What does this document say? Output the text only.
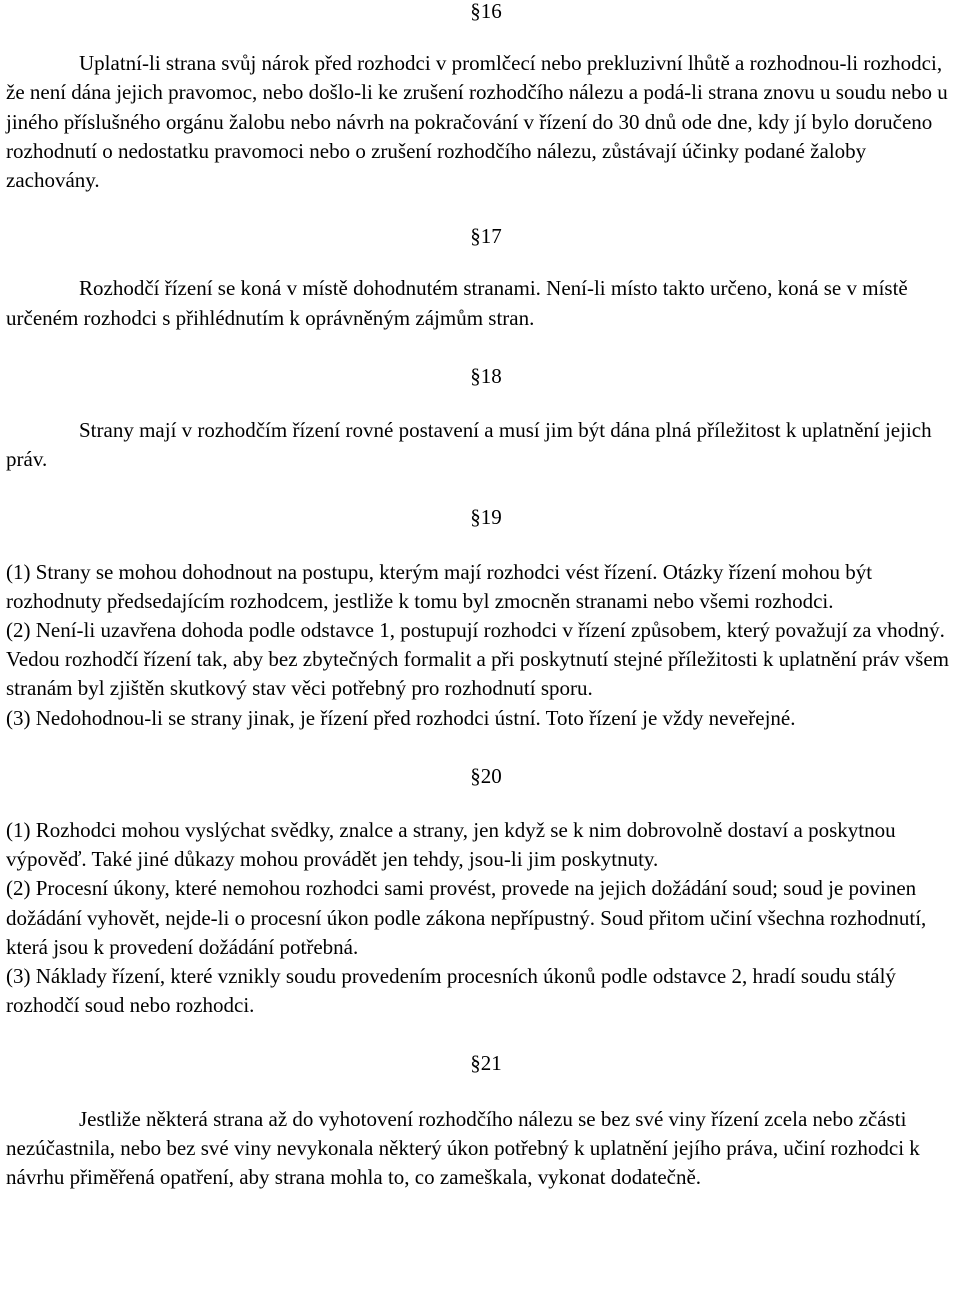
§16

Uplatní-li strana svůj nárok před rozhodci v promlčecí nebo prekluzivní lhůtě a rozhodnou-li rozhodci, že není dána jejich pravomoc, nebo došlo-li ke zrušení rozhodčího nálezu a podá-li strana znovu u soudu nebo u jiného příslušného orgánu žalobu nebo návrh na pokračování v řízení do 30 dnů ode dne, kdy jí bylo doručeno rozhodnutí o nedostatku pravomoci nebo o zrušení rozhodčího nálezu, zůstávají účinky podané žaloby zachovány.

§17

Rozhodčí řízení se koná v místě dohodnutém stranami. Není-li místo takto určeno, koná se v místě určeném rozhodci s přihlédnutím k oprávněným zájmům stran.

§18

Strany mají v rozhodčím řízení rovné postavení a musí jim být dána plná příležitost k uplatnění jejich práv.

§19

(1) Strany se mohou dohodnout na postupu, kterým mají rozhodci vést řízení. Otázky řízení mohou být rozhodnuty předsedajícím rozhodcem, jestliže k tomu byl zmocněn stranami nebo všemi rozhodci.

(2) Není-li uzavřena dohoda podle odstavce 1, postupují rozhodci v řízení způsobem, který považují za vhodný. Vedou rozhodčí řízení tak, aby bez zbytečných formalit a při poskytnutí stejné příležitosti k uplatnění práv všem stranám byl zjištěn skutkový stav věci potřebný pro rozhodnutí sporu.

(3) Nedohodnou-li se strany jinak, je řízení před rozhodci ústní. Toto řízení je vždy neveřejné.

§20

(1) Rozhodci mohou vyslýchat svědky, znalce a strany, jen když se k nim dobrovolně dostaví a poskytnou výpověď. Také jiné důkazy mohou provádět jen tehdy, jsou-li jim poskytnuty.

(2) Procesní úkony, které nemohou rozhodci sami provést, provede na jejich dožádání soud; soud je povinen dožádání vyhovět, nejde-li o procesní úkon podle zákona nepřípustný. Soud přitom učiní všechna rozhodnutí, která jsou k provedení dožádání potřebná.

(3) Náklady řízení, které vznikly soudu provedením procesních úkonů podle odstavce 2, hradí soudu stálý rozhodčí soud nebo rozhodci.

§21

Jestliže některá strana až do vyhotovení rozhodčího nálezu se bez své viny řízení zcela nebo zčásti nezúčastnila, nebo bez své viny nevykonala některý úkon potřebný k uplatnění jejího práva, učiní rozhodci k návrhu přiměřená opatření, aby strana mohla to, co zameškala, vykonat dodatečně.
